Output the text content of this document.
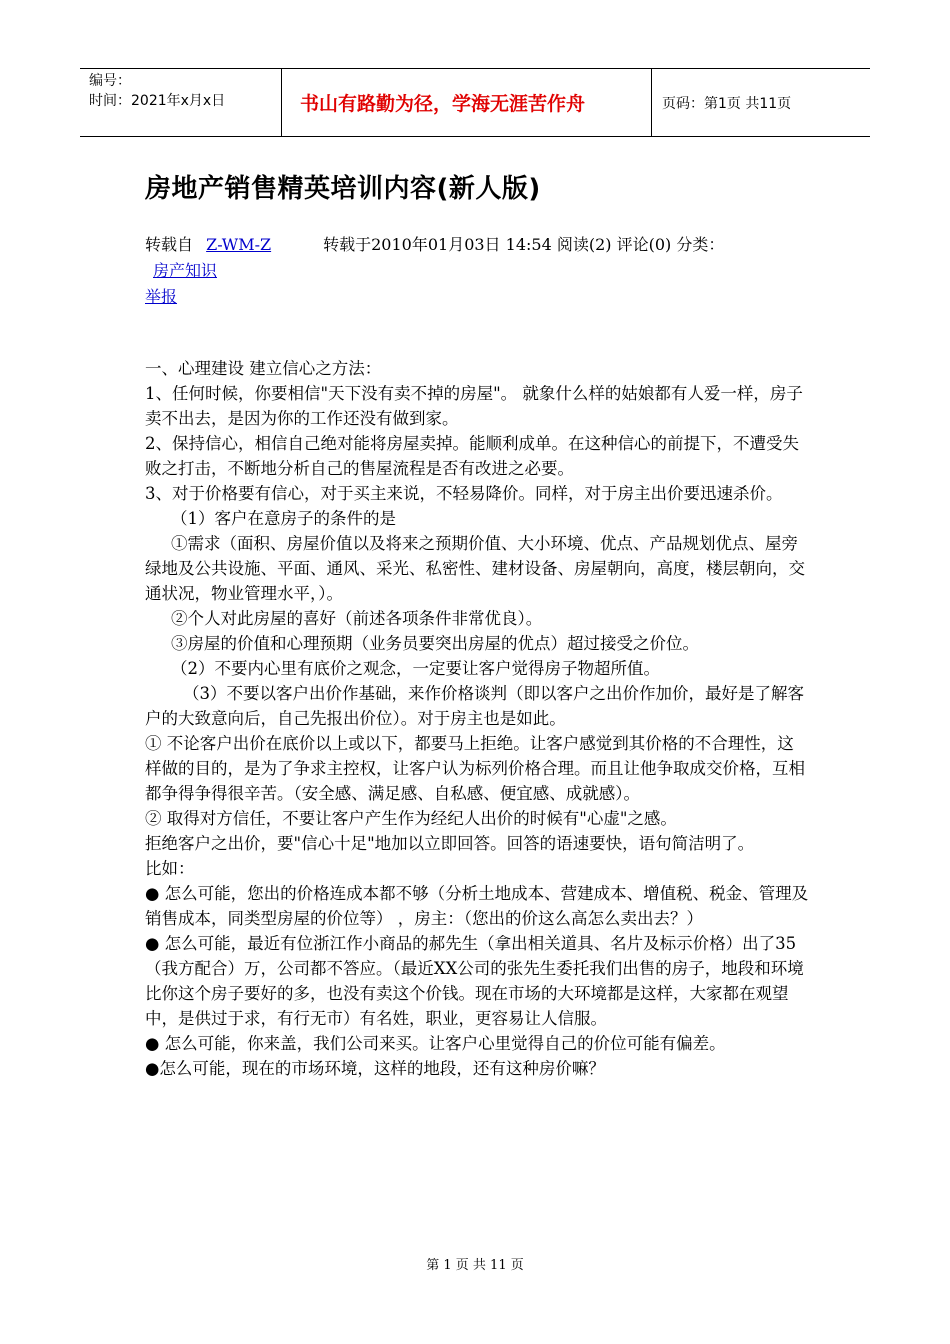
编号：
时间：2021年x月x日	书山有路勤为径，学海无涯苦作舟	页码：第1页 共11页
房地产销售精英培训内容(新人版)
转载自 Z-WM-Z	转载于2010年01月03日 14:54 阅读(2) 评论(0) 分类：
房产知识
举报

一、心理建设 建立信心之方法：

1、任何时候，你要相信"天下没有卖不掉的房屋"。 就象什么样的姑娘都有人爱一样，房子卖不出去，是因为你的工作还没有做到家。

2、保持信心，相信自己绝对能将房屋卖掉。能顺利成单。在这种信心的前提下，不遭受失败之打击，不断地分析自己的售屋流程是否有改进之必要。

3、对于价格要有信心，对于买主来说，不轻易降价。同样，对于房主出价要迅速杀价。

（1）客户在意房子的条件的是

①需求（面积、房屋价值以及将来之预期价值、大小环境、优点、产品规划优点、屋旁绿地及公共设施、平面、通风、采光、私密性、建材设备、房屋朝向，高度，楼层朝向，交通状况，物业管理水平，）。

②个人对此房屋的喜好（前述各项条件非常优良）。

③房屋的价值和心理预期（业务员要突出房屋的优点）超过接受之价位。

（2）不要内心里有底价之观念，一定要让客户觉得房子物超所值。

（3）不要以客户出价作基础，来作价格谈判（即以客户之出价作加价，最好是了解客户的大致意向后，自己先报出价位）。对于房主也是如此。

① 不论客户出价在底价以上或以下，都要马上拒绝。让客户感觉到其价格的不合理性，这样做的目的，是为了争求主控权，让客户认为标列价格合理。而且让他争取成交价格，互相都争得争得很辛苦。（安全感、满足感、自私感、便宜感、成就感）。

② 取得对方信任，不要让客户产生作为经纪人出价的时候有"心虚"之感。

拒绝客户之出价，要"信心十足"地加以立即回答。回答的语速要快，语句简洁明了。

比如：

● 怎么可能，您出的价格连成本都不够（分析土地成本、营建成本、增值税、税金、管理及销售成本，同类型房屋的价位等） ，房主：（您出的价这么高怎么卖出去？）

● 怎么可能，最近有位浙江作小商品的郝先生（拿出相关道具、名片及标示价格）出了35（我方配合）万，公司都不答应。（最近XX公司的张先生委托我们出售的房子，地段和环境比你这个房子要好的多，也没有卖这个价钱。现在市场的大环境都是这样，大家都在观望中，是供过于求，有行无市）有名姓，职业，更容易让人信服。

● 怎么可能，你来盖，我们公司来买。让客户心里觉得自己的价位可能有偏差。

●怎么可能，现在的市场环境，这样的地段，还有这种房价嘛？

第 1 页 共 11 页
